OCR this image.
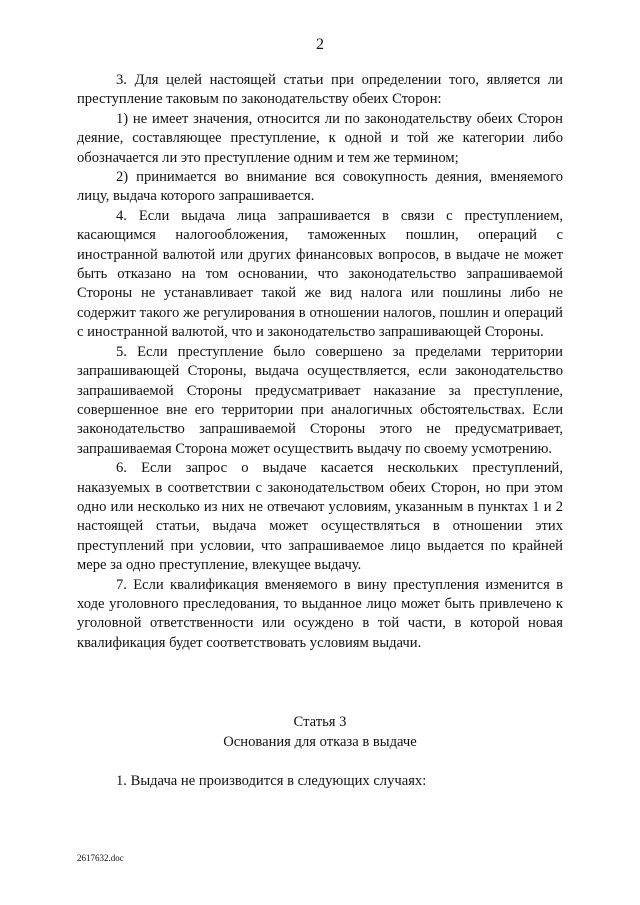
2

3. Для целей настоящей статьи при определении того, является ли преступление таковым по законодательству обеих Сторон:

1) не имеет значения, относится ли по законодательству обеих Сторон деяние, составляющее преступление, к одной и той же категории либо обозначается ли это преступление одним и тем же термином;

2) принимается во внимание вся совокупность деяния, вменяемого лицу, выдача которого запрашивается.

4. Если выдача лица запрашивается в связи с преступлением, касающимся налогообложения, таможенных пошлин, операций с иностранной валютой или других финансовых вопросов, в выдаче не может быть отказано на том основании, что законодательство запрашиваемой Стороны не устанавливает такой же вид налога или пошлины либо не содержит такого же регулирования в отношении налогов, пошлин и операций с иностранной валютой, что и законодательство запрашивающей Стороны.

5. Если преступление было совершено за пределами территории запрашивающей Стороны, выдача осуществляется, если законодательство запрашиваемой Стороны предусматривает наказание за преступление, совершенное вне его территории при аналогичных обстоятельствах. Если законодательство запрашиваемой Стороны этого не предусматривает, запрашиваемая Сторона может осуществить выдачу по своему усмотрению.

6. Если запрос о выдаче касается нескольких преступлений, наказуемых в соответствии с законодательством обеих Сторон, но при этом одно или несколько из них не отвечают условиям, указанным в пунктах 1 и 2 настоящей статьи, выдача может осуществляться в отношении этих преступлений при условии, что запрашиваемое лицо выдается по крайней мере за одно преступление, влекущее выдачу.

7. Если квалификация вменяемого в вину преступления изменится в ходе уголовного преследования, то выданное лицо может быть привлечено к уголовной ответственности или осуждено в той части, в которой новая квалификация будет соответствовать условиям выдачи.

Статья 3
Основания для отказа в выдаче

1. Выдача не производится в следующих случаях:

2617632.doc
